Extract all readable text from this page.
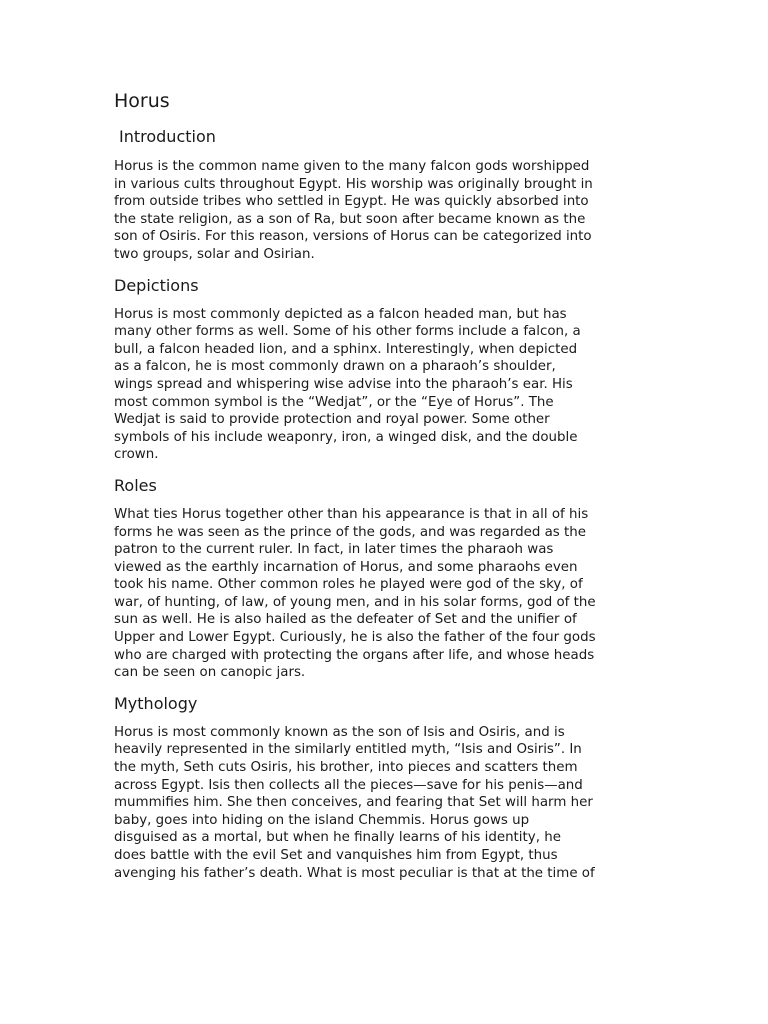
Horus
Introduction

Horus is the common name given to the many falcon gods worshipped
in various cults throughout Egypt. His worship was originally brought in
from outside tribes who settled in Egypt. He was quickly absorbed into
the state religion, as a son of Ra, but soon after became known as the
son of Osiris. For this reason, versions of Horus can be categorized into
two groups, solar and Osirian.

Depictions

Horus is most commonly depicted as a falcon headed man, but has
many other forms as well. Some of his other forms include a falcon, a
bull, a falcon headed lion, and a sphinx. Interestingly, when depicted
as a falcon, he is most commonly drawn on a pharaoh’s shoulder,
wings spread and whispering wise advise into the pharaoh’s ear. His
most common symbol is the “Wedjat”, or the “Eye of Horus”. The
Wedjat is said to provide protection and royal power. Some other
symbols of his include weaponry, iron, a winged disk, and the double
crown.

Roles

What ties Horus together other than his appearance is that in all of his
forms he was seen as the prince of the gods, and was regarded as the
patron to the current ruler. In fact, in later times the pharaoh was
viewed as the earthly incarnation of Horus, and some pharaohs even
took his name. Other common roles he played were god of the sky, of
war, of hunting, of law, of young men, and in his solar forms, god of the
sun as well. He is also hailed as the defeater of Set and the unifier of
Upper and Lower Egypt. Curiously, he is also the father of the four gods
who are charged with protecting the organs after life, and whose heads
can be seen on canopic jars.

Mythology

Horus is most commonly known as the son of Isis and Osiris, and is
heavily represented in the similarly entitled myth, “Isis and Osiris”. In
the myth, Seth cuts Osiris, his brother, into pieces and scatters them
across Egypt. Isis then collects all the pieces—save for his penis—and
mummifies him. She then conceives, and fearing that Set will harm her
baby, goes into hiding on the island Chemmis. Horus gows up
disguised as a mortal, but when he finally learns of his identity, he
does battle with the evil Set and vanquishes him from Egypt, thus
avenging his father’s death. What is most peculiar is that at the time of
